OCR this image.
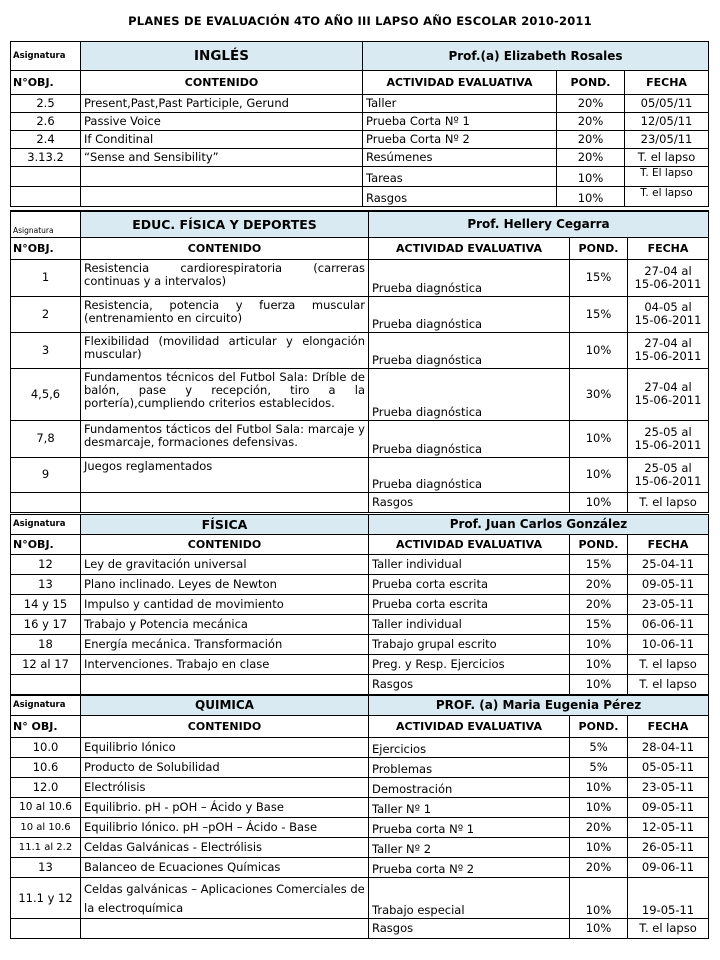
PLANES DE EVALUACIÓN 4TO AÑO III LAPSO AÑO ESCOLAR 2010-2011
Asignatura	INGLÉS	Prof.(a) Elizabeth Rosales		
N°OBJ.	CONTENIDO	ACTIVIDAD EVALUATIVA	POND.	FECHA
2.5	Present,Past,Past Participle, Gerund	Taller	20%	05/05/11
2.6	Passive Voice	Prueba Corta Nº 1	20%	12/05/11
2.4	If Conditinal	Prueba Corta Nº 2	20%	23/05/11
3.13.2	“Sense and Sensibility”	Resúmenes	20%	T. el lapso
		Tareas	10%	T. El lapso
		Rasgos	10%	T. el lapso
Asignatura	EDUC. FÍSICA Y DEPORTES	Prof. Hellery Cegarra		
N°OBJ.	CONTENIDO	ACTIVIDAD EVALUATIVA	POND.	FECHA
1	Resistencia cardiorespiratoria (carreras continuas y a intervalos)	Prueba diagnóstica	15%	27-04 al
15-06-2011

2	Resistencia, potencia y fuerza muscular (entrenamiento en circuito)	Prueba diagnóstica	15%	04-05 al
15-06-2011

3	Flexibilidad (movilidad articular y elongación muscular)	Prueba diagnóstica	10%	27-04 al
15-06-2011

4,5,6	Fundamentos técnicos del Futbol Sala: Dríble de balón, pase y recepción, tiro a la portería),cumpliendo criterios establecidos.	Prueba diagnóstica	30%	27-04 al
15-06-2011

7,8	Fundamentos tácticos del Futbol Sala: marcaje y desmarcaje, formaciones defensivas.	Prueba diagnóstica	10%	25-05 al
15-06-2011

9	Juegos reglamentados	Prueba diagnóstica	10%	25-05 al
15-06-2011

		Rasgos	10%	T. el lapso
Asignatura	FÍSICA	Prof. Juan Carlos González		
N°OBJ.	CONTENIDO	ACTIVIDAD EVALUATIVA	POND.	FECHA
12	Ley de gravitación universal	Taller individual	15%	25-04-11
13	Plano inclinado. Leyes de Newton	Prueba corta escrita	20%	09-05-11
14 y 15	Impulso y cantidad de movimiento	Prueba corta escrita	20%	23-05-11
16 y 17	Trabajo y Potencia mecánica	Taller individual	15%	06-06-11
18	Energía mecánica. Transformación	Trabajo grupal escrito	10%	10-06-11
12 al 17	Intervenciones. Trabajo en clase	Preg. y Resp. Ejercicios	10%	T. el lapso
		Rasgos	10%	T. el lapso
Asignatura	QUIMICA	PROF. (a) Maria Eugenia Pérez		
N° OBJ.	CONTENIDO	ACTIVIDAD EVALUATIVA	POND.	FECHA
10.0	Equilibrio Iónico	Ejercicios	5%	28-04-11
10.6	Producto de Solubilidad	Problemas	5%	05-05-11
12.0	Electrólisis	Demostración	10%	23-05-11
10 al 10.6	Equilibrio. pH - pOH – Ácido y Base	Taller Nº 1	10%	09-05-11
10 al 10.6	Equilibrio Iónico. pH –pOH – Ácido - Base	Prueba corta Nº 1	20%	12-05-11
11.1 al 2.2	Celdas Galvánicas - Electrólisis	Taller Nº 2	10%	26-05-11
13	Balanceo de Ecuaciones Químicas	Prueba corta Nº 2	20%	09-06-11
11.1 y 12	Celdas galvánicas – Aplicaciones Comerciales de la electroquímica	Trabajo especial	10%	19-05-11
		Rasgos	10%	T. el lapso
